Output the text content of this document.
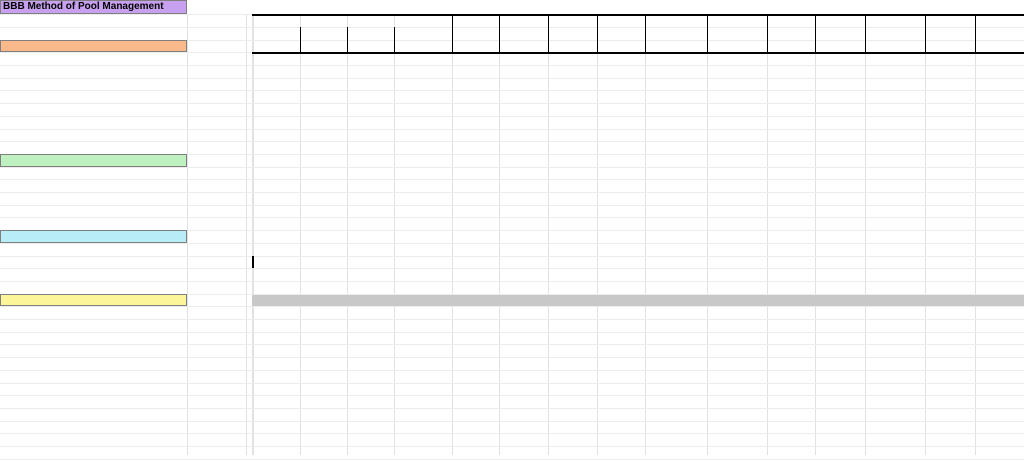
BBB Method of Pool Management
